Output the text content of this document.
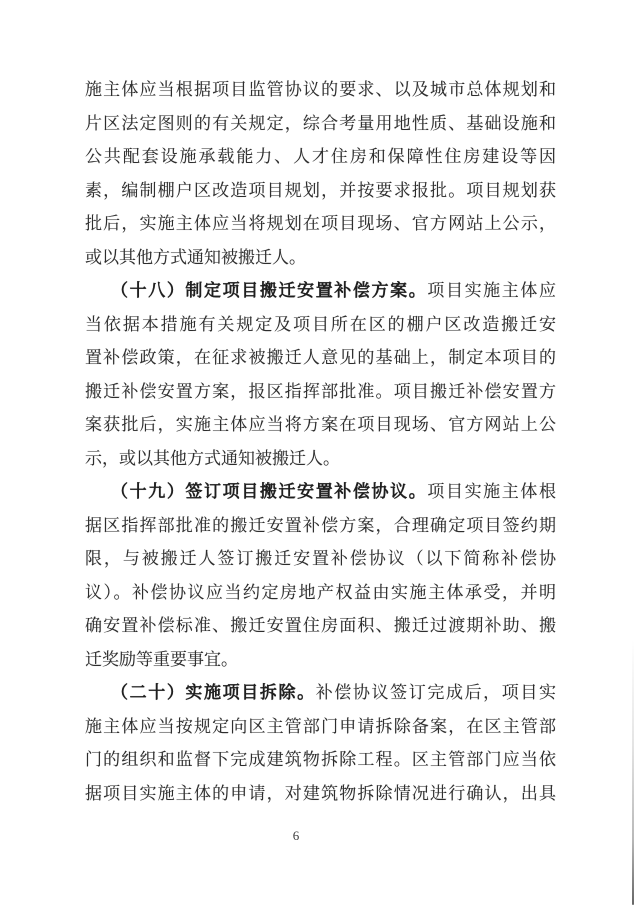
施主体应当根据项目监管协议的要求、以及城市总体规划和
片区法定图则的有关规定，综合考量用地性质、基础设施和
公共配套设施承载能力、人才住房和保障性住房建设等因
素，编制棚户区改造项目规划，并按要求报批。项目规划获
批后，实施主体应当将规划在项目现场、官方网站上公示，
或以其他方式通知被搬迁人。
（十八）制定项目搬迁安置补偿方案。项目实施主体应
当依据本措施有关规定及项目所在区的棚户区改造搬迁安
置补偿政策，在征求被搬迁人意见的基础上，制定本项目的
搬迁补偿安置方案，报区指挥部批准。项目搬迁补偿安置方
案获批后，实施主体应当将方案在项目现场、官方网站上公
示，或以其他方式通知被搬迁人。
（十九）签订项目搬迁安置补偿协议。项目实施主体根
据区指挥部批准的搬迁安置补偿方案，合理确定项目签约期
限，与被搬迁人签订搬迁安置补偿协议（以下简称补偿协
议）。补偿协议应当约定房地产权益由实施主体承受，并明
确安置补偿标准、搬迁安置住房面积、搬迁过渡期补助、搬
迁奖励等重要事宜。
（二十）实施项目拆除。补偿协议签订完成后，项目实
施主体应当按规定向区主管部门申请拆除备案，在区主管部
门的组织和监督下完成建筑物拆除工程。区主管部门应当依
据项目实施主体的申请，对建筑物拆除情况进行确认，出具
6
